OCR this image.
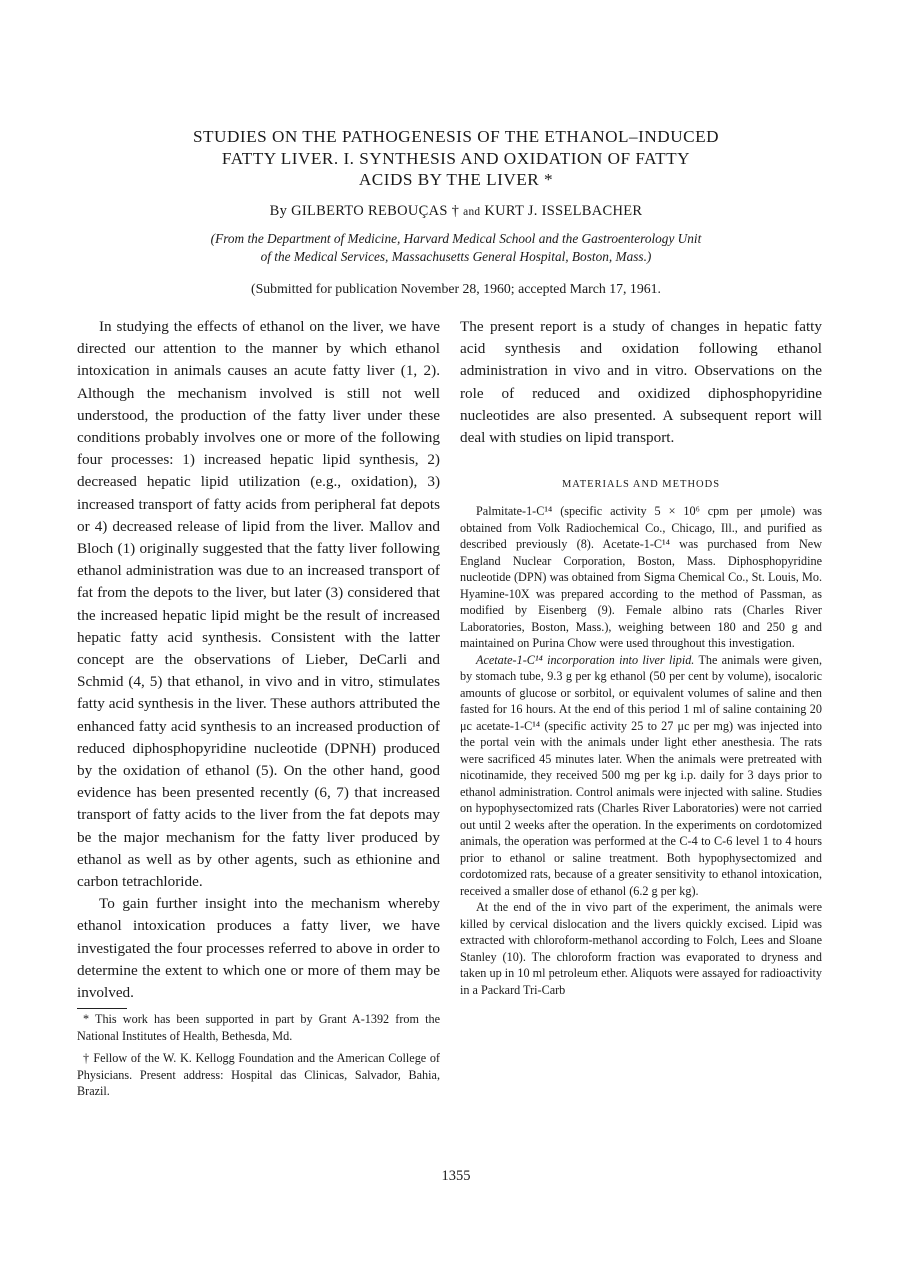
STUDIES ON THE PATHOGENESIS OF THE ETHANOL–INDUCED
FATTY LIVER. I. SYNTHESIS AND OXIDATION OF FATTY
ACIDS BY THE LIVER *
By GILBERTO REBOUÇAS † and KURT J. ISSELBACHER
(From the Department of Medicine, Harvard Medical School and the Gastroenterology Unit
of the Medical Services, Massachusetts General Hospital, Boston, Mass.)
(Submitted for publication November 28, 1960; accepted March 17, 1961.

In studying the effects of ethanol on the liver, we have directed our attention to the manner by which ethanol intoxication in animals causes an acute fatty liver (1, 2). Although the mechanism involved is still not well understood, the production of the fatty liver under these conditions probably involves one or more of the following four processes: 1) increased hepatic lipid synthesis, 2) decreased hepatic lipid utilization (e.g., oxidation), 3) increased transport of fatty acids from peripheral fat depots or 4) decreased release of lipid from the liver. Mallov and Bloch (1) originally suggested that the fatty liver following ethanol administration was due to an increased transport of fat from the depots to the liver, but later (3) considered that the increased hepatic lipid might be the result of increased hepatic fatty acid synthesis. Consistent with the latter concept are the observations of Lieber, DeCarli and Schmid (4, 5) that ethanol, in vivo and in vitro, stimulates fatty acid synthesis in the liver. These authors attributed the enhanced fatty acid synthesis to an increased production of reduced diphosphopyridine nucleotide (DPNH) produced by the oxidation of ethanol (5). On the other hand, good evidence has been presented recently (6, 7) that increased transport of fatty acids to the liver from the fat depots may be the major mechanism for the fatty liver produced by ethanol as well as by other agents, such as ethionine and carbon tetrachloride.

To gain further insight into the mechanism whereby ethanol intoxication produces a fatty liver, we have investigated the four processes referred to above in order to determine the extent to which one or more of them may be involved.

* This work has been supported in part by Grant A-1392 from the National Institutes of Health, Bethesda, Md.

† Fellow of the W. K. Kellogg Foundation and the American College of Physicians. Present address: Hospital das Clinicas, Salvador, Bahia, Brazil.

The present report is a study of changes in hepatic fatty acid synthesis and oxidation following ethanol administration in vivo and in vitro. Observations on the role of reduced and oxidized diphosphopyridine nucleotides are also presented. A subsequent report will deal with studies on lipid transport.

MATERIALS AND METHODS

Palmitate-1-C¹⁴ (specific activity 5 × 10⁶ cpm per μmole) was obtained from Volk Radiochemical Co., Chicago, Ill., and purified as described previously (8). Acetate-1-C¹⁴ was purchased from New England Nuclear Corporation, Boston, Mass. Diphosphopyridine nucleotide (DPN) was obtained from Sigma Chemical Co., St. Louis, Mo. Hyamine-10X was prepared according to the method of Passman, as modified by Eisenberg (9). Female albino rats (Charles River Laboratories, Boston, Mass.), weighing between 180 and 250 g and maintained on Purina Chow were used throughout this investigation.

Acetate-1-C¹⁴ incorporation into liver lipid. The animals were given, by stomach tube, 9.3 g per kg ethanol (50 per cent by volume), isocaloric amounts of glucose or sorbitol, or equivalent volumes of saline and then fasted for 16 hours. At the end of this period 1 ml of saline containing 20 μc acetate-1-C¹⁴ (specific activity 25 to 27 μc per mg) was injected into the portal vein with the animals under light ether anesthesia. The rats were sacrificed 45 minutes later. When the animals were pretreated with nicotinamide, they received 500 mg per kg i.p. daily for 3 days prior to ethanol administration. Control animals were injected with saline. Studies on hypophysectomized rats (Charles River Laboratories) were not carried out until 2 weeks after the operation. In the experiments on cordotomized animals, the operation was performed at the C-4 to C-6 level 1 to 4 hours prior to ethanol or saline treatment. Both hypophysectomized and cordotomized rats, because of a greater sensitivity to ethanol intoxication, received a smaller dose of ethanol (6.2 g per kg).

At the end of the in vivo part of the experiment, the animals were killed by cervical dislocation and the livers quickly excised. Lipid was extracted with chloroform-methanol according to Folch, Lees and Sloane Stanley (10). The chloroform fraction was evaporated to dryness and taken up in 10 ml petroleum ether. Aliquots were assayed for radioactivity in a Packard Tri-Carb

1355
